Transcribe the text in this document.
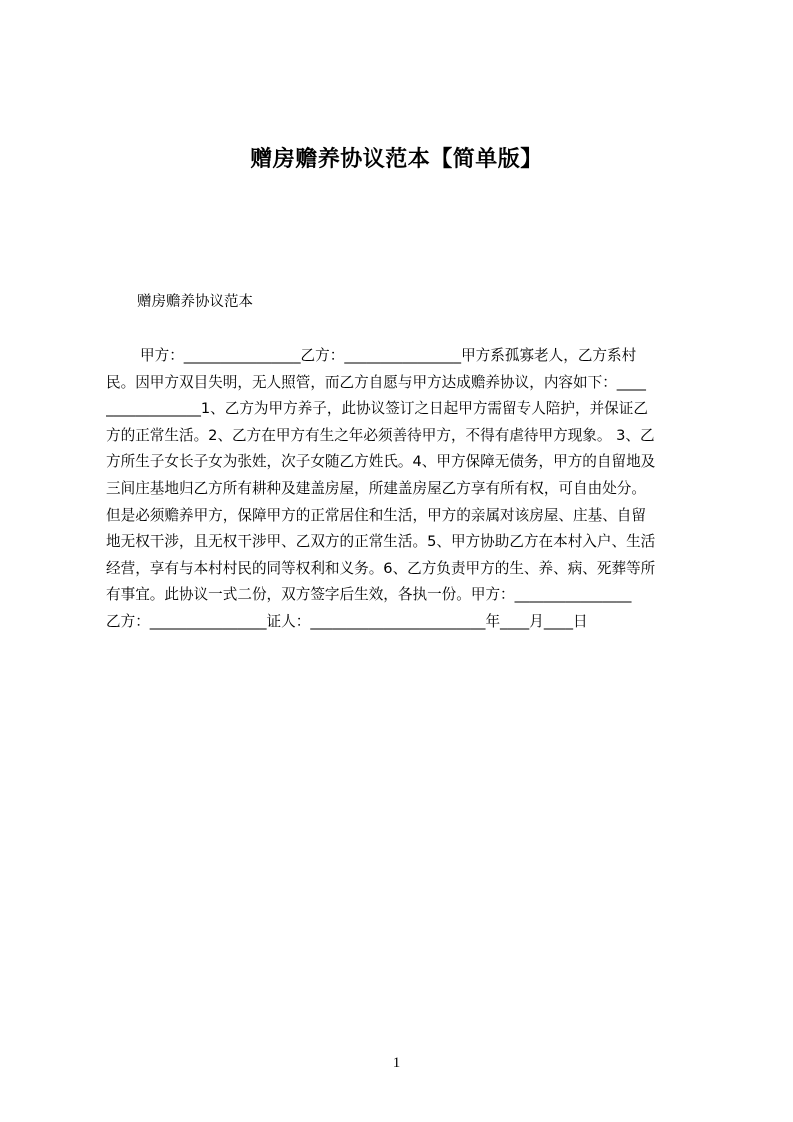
赠房赡养协议范本【简单版】
赠房赡养协议范本
甲方：________________乙方：________________甲方系孤寡老人，乙方系村
民。因甲方双目失明，无人照管，而乙方自愿与甲方达成赡养协议，内容如下：____
_____________1、乙方为甲方养子，此协议签订之日起甲方需留专人陪护，并保证乙
方的正常生活。2、乙方在甲方有生之年必须善待甲方，不得有虐待甲方现象。 3、乙
方所生子女长子女为张姓，次子女随乙方姓氏。4、甲方保障无债务，甲方的自留地及
三间庄基地归乙方所有耕种及建盖房屋，所建盖房屋乙方享有所有权，可自由处分。
但是必须赡养甲方，保障甲方的正常居住和生活，甲方的亲属对该房屋、庄基、自留
地无权干涉，且无权干涉甲、乙双方的正常生活。5、甲方协助乙方在本村入户、生活
经营，享有与本村村民的同等权利和义务。6、乙方负责甲方的生、养、病、死葬等所
有事宜。此协议一式二份，双方签字后生效，各执一份。甲方：________________
乙方：________________证人：________________________年____月____日
1
